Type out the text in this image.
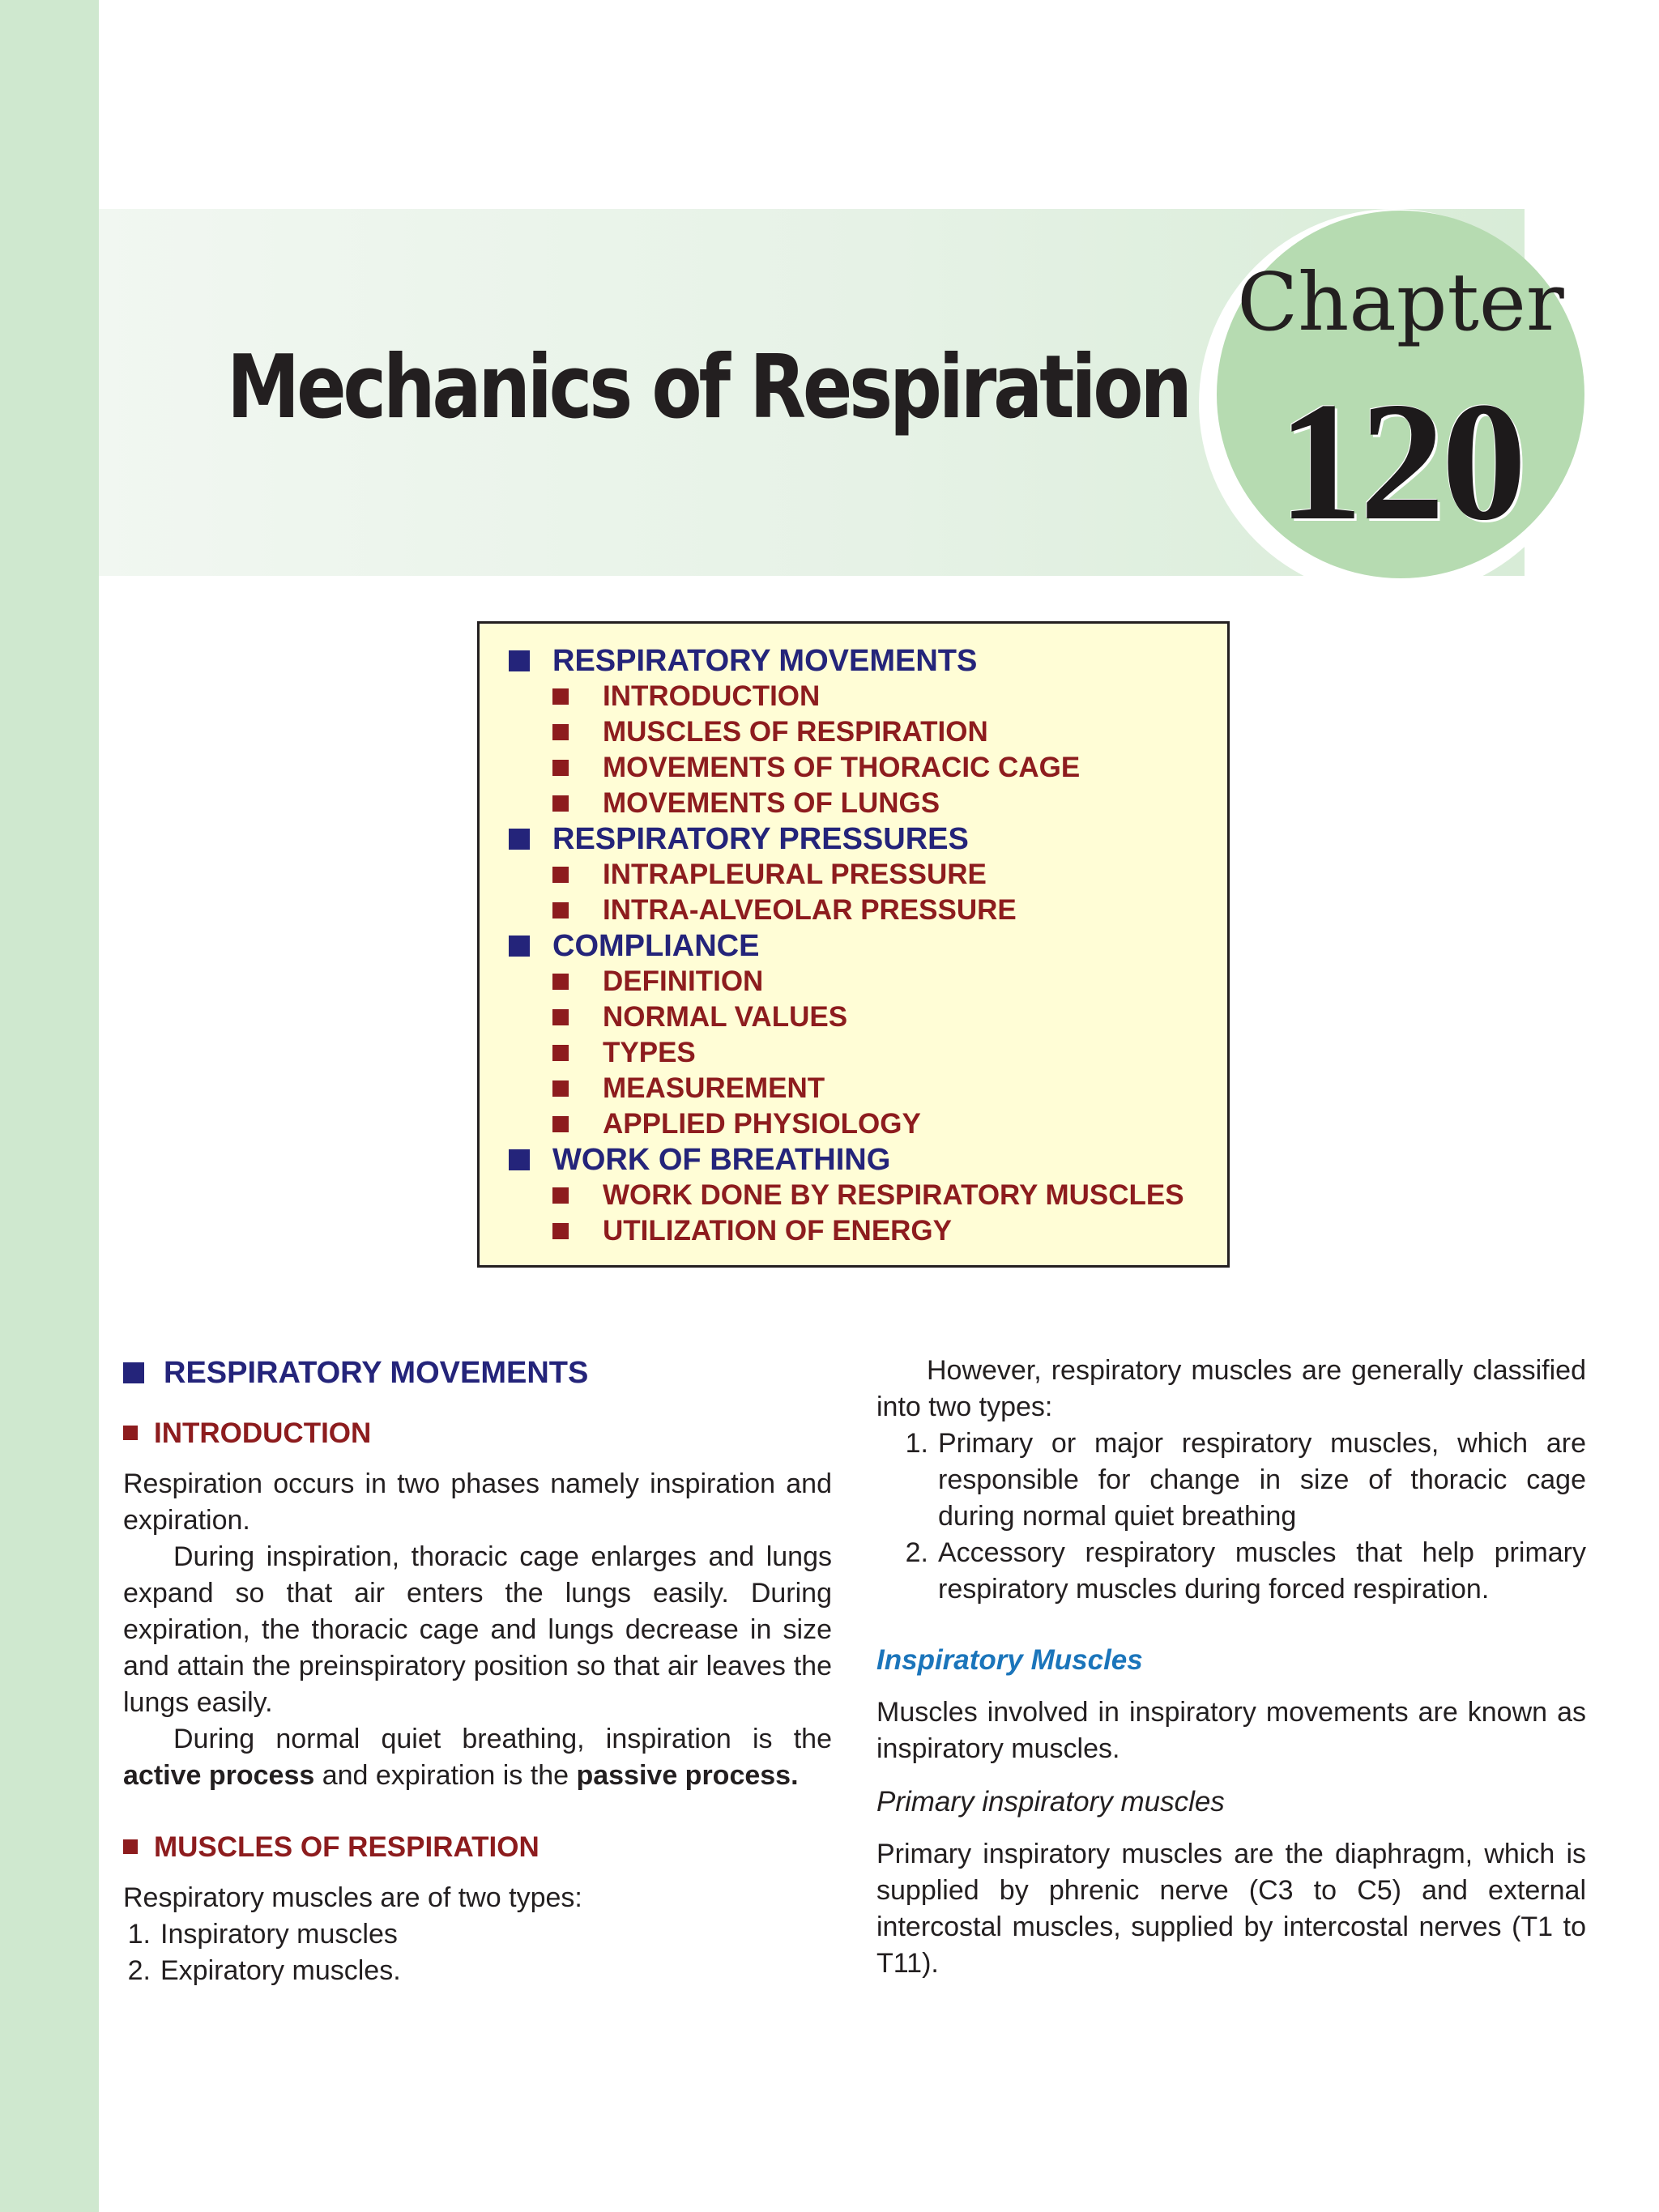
Chapter
120
Mechanics of Respiration
RESPIRATORY MOVEMENTS
INTRODUCTION
MUSCLES OF RESPIRATION
MOVEMENTS OF THORACIC CAGE
MOVEMENTS OF LUNGS
RESPIRATORY PRESSURES
INTRAPLEURAL PRESSURE
INTRA-ALVEOLAR PRESSURE
COMPLIANCE
DEFINITION
NORMAL VALUES
TYPES
MEASUREMENT
APPLIED PHYSIOLOGY
WORK OF BREATHING
WORK DONE BY RESPIRATORY MUSCLES
UTILIZATION OF ENERGY
RESPIRATORY MOVEMENTS
INTRODUCTION

Respiration occurs in two phases namely inspiration and expiration.

During inspiration, thoracic cage enlarges and lungs expand so that air enters the lungs easily. During expiration, the thoracic cage and lungs decrease in size and attain the preinspiratory position so that air leaves the lungs easily.

During normal quiet breathing, inspiration is the active process and expiration is the passive process.

MUSCLES OF RESPIRATION

Respiratory muscles are of two types:

1. Inspiratory muscles
2. Expiratory muscles.

However, respiratory muscles are generally classified into two types:

1. Primary or major respiratory muscles, which are responsible for change in size of thoracic cage during normal quiet breathing
2. Accessory respiratory muscles that help primary respiratory muscles during forced respiration.
Inspiratory Muscles

Muscles involved in inspiratory movements are known as inspiratory muscles.

Primary inspiratory muscles

Primary inspiratory muscles are the diaphragm, which is supplied by phrenic nerve (C3 to C5) and external intercostal muscles, supplied by intercostal nerves (T1 to T11).
